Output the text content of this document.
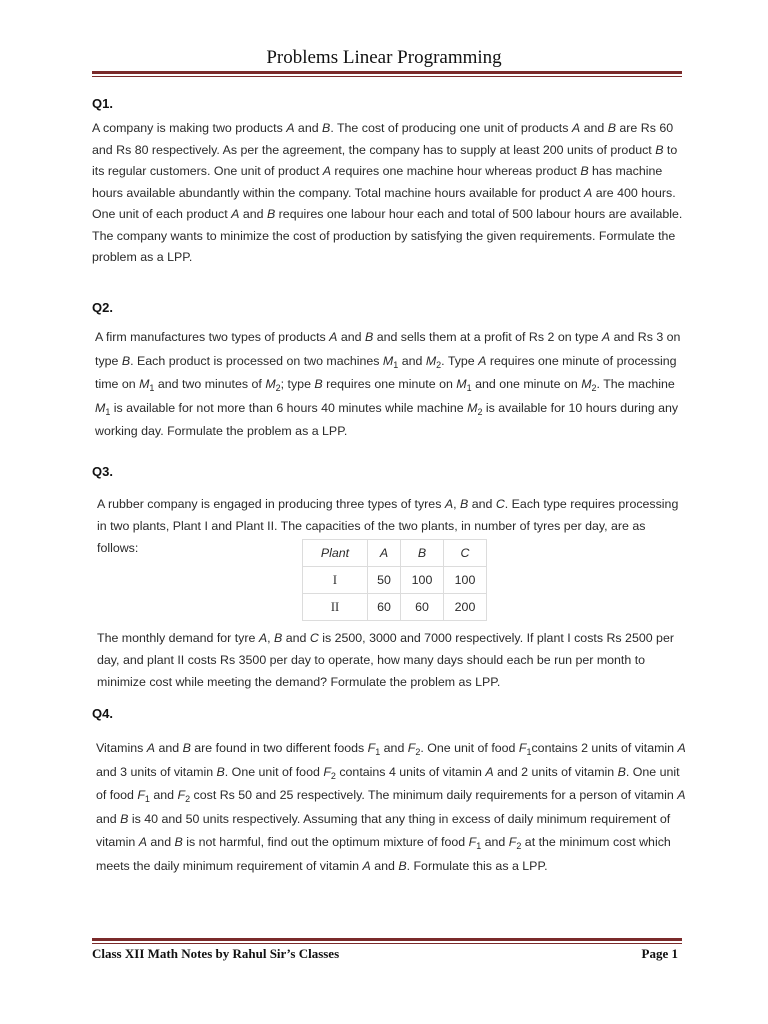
Problems Linear Programming
Q1.

A company is making two products A and B. The cost of producing one unit of products A and B are Rs 60 and Rs 80 respectively. As per the agreement, the company has to supply at least 200 units of product B to its regular customers. One unit of product A requires one machine hour whereas product B has machine hours available abundantly within the company. Total machine hours available for product A are 400 hours. One unit of each product A and B requires one labour hour each and total of 500 labour hours are available. The company wants to minimize the cost of production by satisfying the given requirements. Formulate the problem as a LPP.

Q2.

A firm manufactures two types of products A and B and sells them at a profit of Rs 2 on type A and Rs 3 on type B. Each product is processed on two machines $M_1$ and $M_2$. Type A requires one minute of processing time on $M_1$ and two minutes of $M_2$; type B requires one minute on $M_1$ and one minute on $M_2$. The machine $M_1$ is available for not more than 6 hours 40 minutes while machine $M_2$ is available for 10 hours during any working day. Formulate the problem as a LPP.

Q3.

A rubber company is engaged in producing three types of tyres A, B and C. Each type requires processing in two plants, Plant I and Plant II. The capacities of the two plants, in number of tyres per day, are as follows:	Plant	A	B	C
I	50	100	100
II	60	60	200

The monthly demand for tyre A, B and C is 2500, 3000 and 7000 respectively. If plant I costs Rs 2500 per day, and plant II costs Rs 3500 per day to operate, how many days should each be run per month to minimize cost while meeting the demand? Formulate the problem as LPP.

Q4.

Vitamins A and B are found in two different foods $F_1$ and $F_2$. One unit of food $F_1contains$ 2 units of vitamin A and 3 units of vitamin B. One unit of food $F_2$ contains 4 units of vitamin A and 2 units of vitamin B. One unit of food $F_1$ and $F_2$ cost Rs 50 and 25 respectively. The minimum daily requirements for a person of vitamin A and B is 40 and 50 units respectively. Assuming that any thing in excess of daily minimum requirement of vitamin A and B is not harmful, find out the optimum mixture of food $F_1$ and $F_2$ at the minimum cost which meets the daily minimum requirement of vitamin A and B. Formulate this as a LPP.

Class XII Math Notes by Rahul Sir’s Classes	Page 1
